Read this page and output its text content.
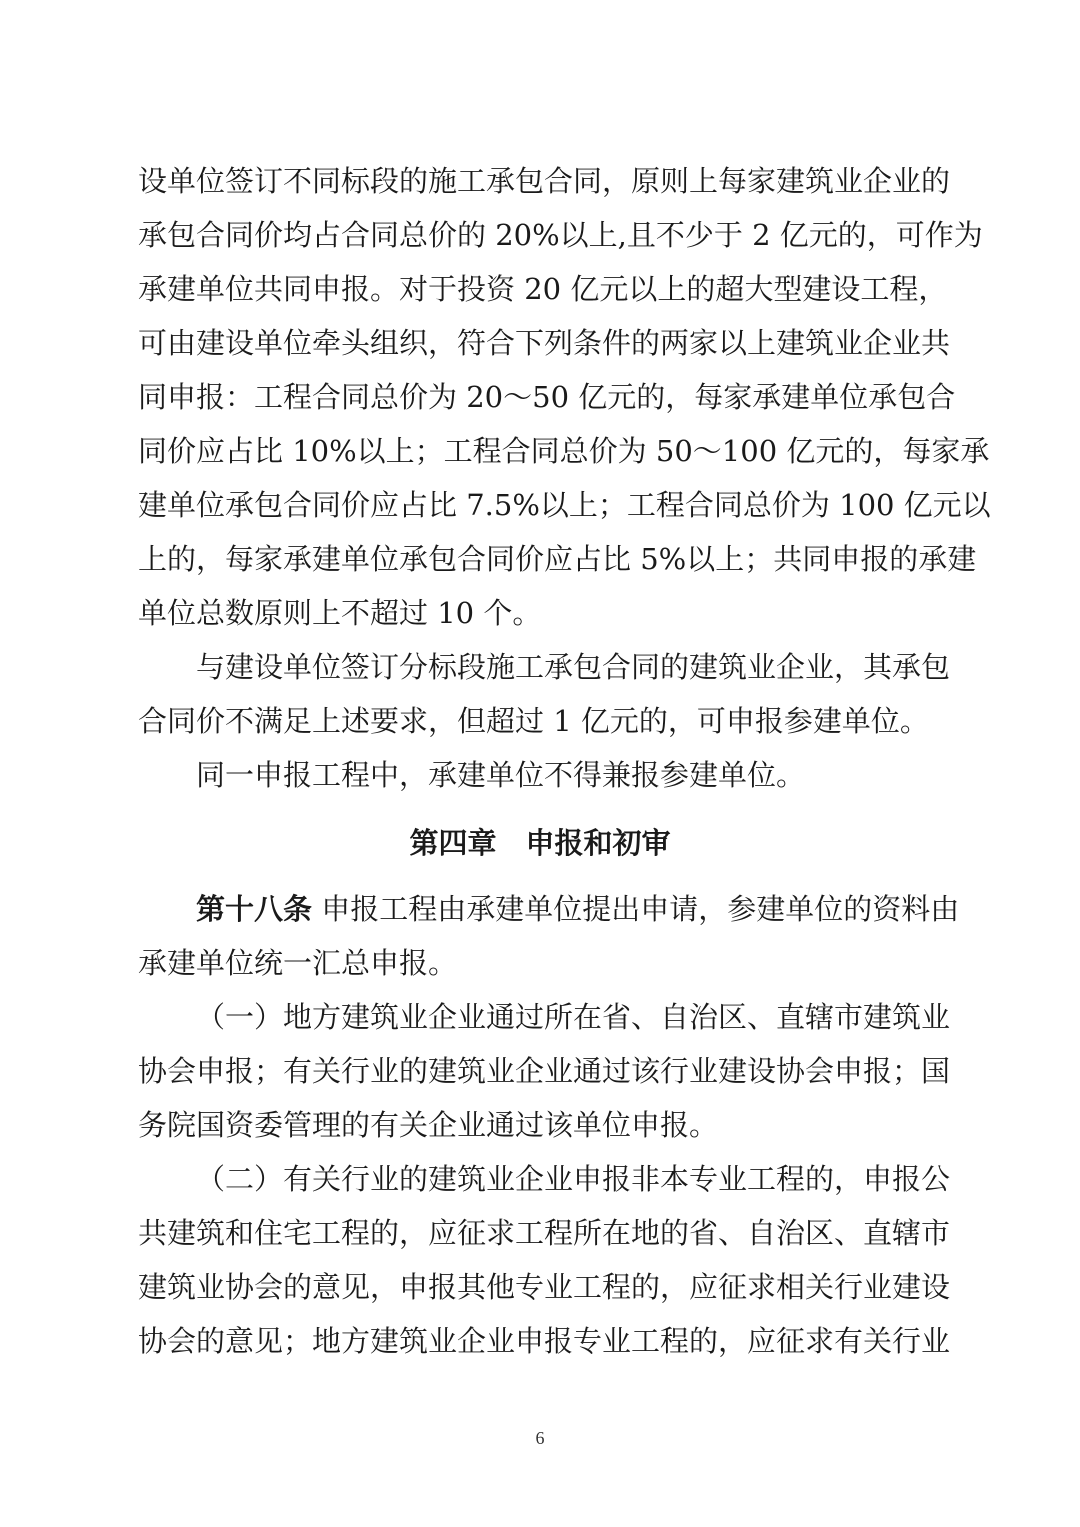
设单位签订不同标段的施工承包合同，原则上每家建筑业企业的
承包合同价均占合同总价的 20%以上,且不少于 2 亿元的，可作为
承建单位共同申报。对于投资 20 亿元以上的超大型建设工程，
可由建设单位牵头组织，符合下列条件的两家以上建筑业企业共
同申报：工程合同总价为 20～50 亿元的，每家承建单位承包合
同价应占比 10%以上；工程合同总价为 50～100 亿元的，每家承
建单位承包合同价应占比 7.5%以上；工程合同总价为 100 亿元以
上的，每家承建单位承包合同价应占比 5%以上；共同申报的承建
单位总数原则上不超过 10 个。
与建设单位签订分标段施工承包合同的建筑业企业，其承包
合同价不满足上述要求，但超过 1 亿元的，可申报参建单位。
同一申报工程中，承建单位不得兼报参建单位。
第四章　申报和初审
第十八条 申报工程由承建单位提出申请，参建单位的资料由
承建单位统一汇总申报。
（一）地方建筑业企业通过所在省、自治区、直辖市建筑业
协会申报；有关行业的建筑业企业通过该行业建设协会申报；国
务院国资委管理的有关企业通过该单位申报。
（二）有关行业的建筑业企业申报非本专业工程的，申报公
共建筑和住宅工程的，应征求工程所在地的省、自治区、直辖市
建筑业协会的意见，申报其他专业工程的，应征求相关行业建设
协会的意见；地方建筑业企业申报专业工程的，应征求有关行业
6
